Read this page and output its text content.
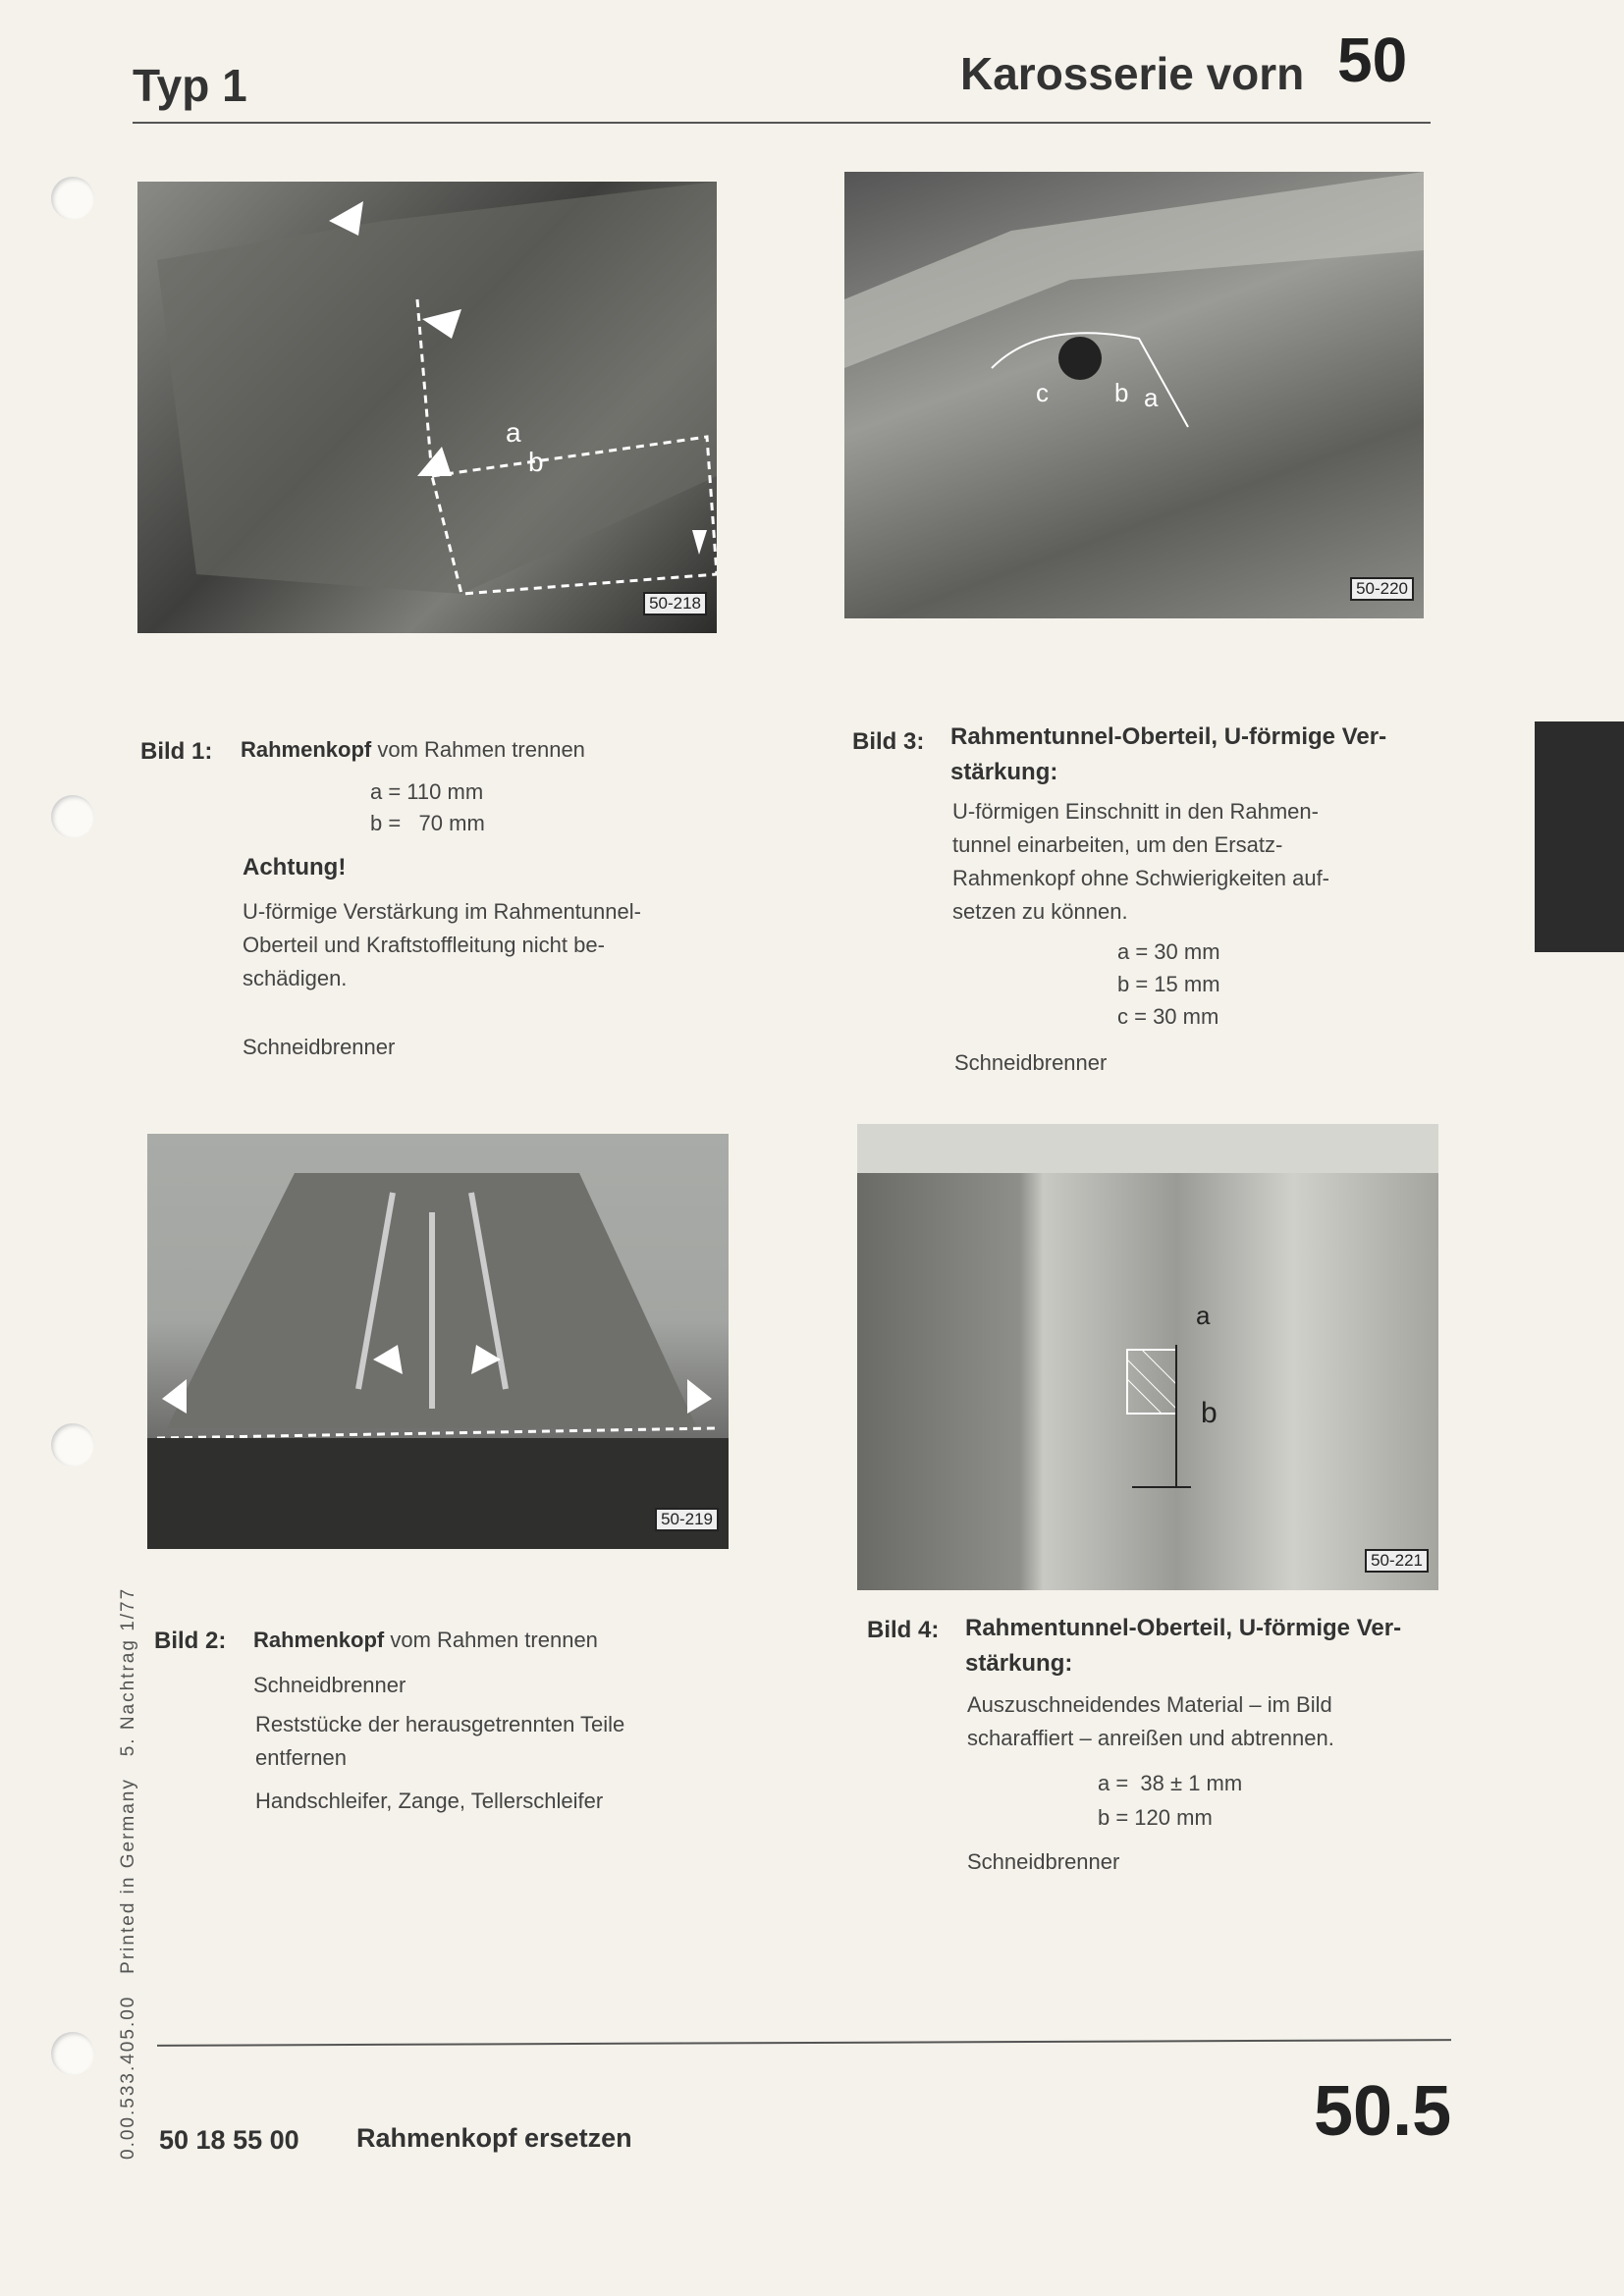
Typ 1	Karosserie vorn 50
a
b
50-218
c	b a
50-220
50-219
b
a
50-221
Bild 1: Rahmenkopf vom Rahmen trennen
a = 110 mm
b =   70 mm
Achtung!
U-förmige Verstärkung im Rahmentunnel-
Oberteil und Kraftstoffleitung nicht be-
schädigen.
Schneidbrenner
Bild 3: Rahmentunnel-Oberteil, U-förmige Ver-
stärkung:
U-förmigen Einschnitt in den Rahmen-
tunnel einarbeiten, um den Ersatz-
Rahmenkopf ohne Schwierigkeiten auf-
setzen zu können.
a = 30 mm
b = 15 mm
c = 30 mm
Schneidbrenner
Bild 2: Rahmenkopf vom Rahmen trennen
Schneidbrenner
Reststücke der herausgetrennten Teile
entfernen
Handschleifer, Zange, Tellerschleifer
Bild 4: Rahmentunnel-Oberteil, U-förmige Ver-
stärkung:
Auszuschneidendes Material – im Bild
scharaffiert – anreißen und abtrennen.
a =  38 ± 1 mm
b = 120 mm
Schneidbrenner
0.00.533.405.00   Printed in Germany   5. Nachtrag 1/77 50 18 55 00 Rahmenkopf ersetzen	50.5
